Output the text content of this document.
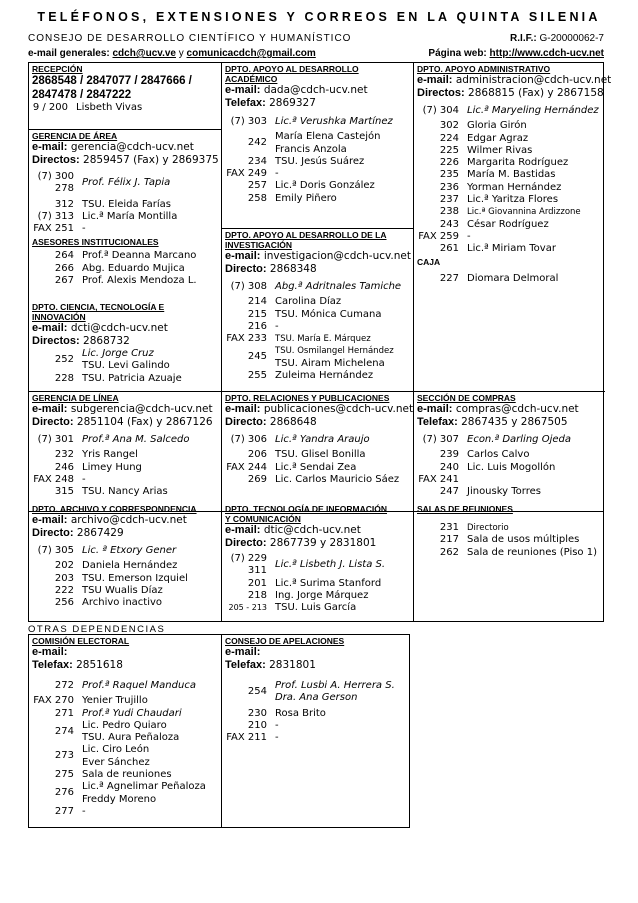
TELÉFONOS, EXTENSIONES Y CORREOS EN LA QUINTA SILENIA
CONSEJO DE DESARROLLO CIENTÍFICO Y HUMANÍSTICO	R.I.F.: G-20000062-7
e-mail generales: cdch@ucv.ve y comunicacdch@gmail.com	Página web: http://www.cdch-ucv.net
RECEPCIÓN
2868548 / 2847077 / 2847666 /
2847478 / 2847222
9 / 200 Lisbeth Vivas
GERENCIA DE ÁREA
e-mail: gerencia@cdch-ucv.net
Directos: 2859457 (Fax) y 2869375
(7) 300
Prof. Félix J. Tapia
278
312 TSU. Eleida Farías
(7) 313 Lic.ª María Montilla
FAX 251 -
ASESORES INSTITUCIONALES
264 Prof.ª Deanna Marcano
266 Abg. Eduardo Mujica
267 Prof. Alexis Mendoza L.
DPTO. CIENCIA, TECNOLOGÍA E
INNOVACIÓN
e-mail: dcti@cdch-ucv.net
Directos: 2868732
252
Lic. Jorge Cruz
TSU. Levi Galindo
228 TSU. Patricia Azuaje
GERENCIA DE LÍNEA
e-mail: subgerencia@cdch-ucv.net
Directo: 2851104 (Fax) y 2867126
(7) 301 Prof.ª Ana M. Salcedo
232 Yris Rangel
246 Limey Hung
FAX 248 -
315 TSU. Nancy Arias
DPTO. APOYO AL DESARROLLO
ACADÉMICO
e-mail: dada@cdch-ucv.net
Telefax: 2869327
(7) 303 Lic.ª Verushka Martínez
242
María Elena Castejón
Francis Anzola
234 TSU. Jesús Suárez
FAX 249 -
257 Lic.ª Doris González
258 Emily Piñero
DPTO. APOYO AL DESARROLLO DE LA
INVESTIGACIÓN
e-mail: investigacion@cdch-ucv.net
Directo: 2868348
(7) 308 Abg.ª Adritnales Tamiche
214 Carolina Díaz
215 TSU. Mónica Cumana
216 -
FAX 233 TSU. María E. Márquez
245 TSU. Osmilangel Hernández
TSU. Airam Michelena
255 Zuleima Hernández
DPTO. RELACIONES Y PUBLICACIONES
e-mail: publicaciones@cdch-ucv.net
Directo: 2868648
(7) 306 Lic.ª Yandra Araujo
206 TSU. Glisel Bonilla
FAX 244 Lic.ª Sendai Zea
269 Lic. Carlos Mauricio Sáez
DPTO. APOYO ADMINISTRATIVO
e-mail: administracion@cdch-ucv.net
Directos: 2868815 (Fax) y 2867158
(7) 304 Lic.ª Maryeling Hernández
302 Gloria Girón
224 Edgar Agraz
225 Wilmer Rivas
226 Margarita Rodríguez
235 María M. Bastidas
236 Yorman Hernández
237 Lic.ª Yaritza Flores
238 Lic.ª Giovannina Ardizzone
243 César Rodríguez
FAX 259 -
261 Lic.ª Miriam Tovar
CAJA
227 Diomara Delmoral
SECCIÓN DE COMPRAS
e-mail: compras@cdch-ucv.net
Telefax: 2867435 y 2867505
(7) 307 Econ.ª Darling Ojeda
239 Carlos Calvo
240 Lic. Luis Mogollón
FAX 241
247 Jinousky Torres
DPTO. ARCHIVO Y CORRESPONDENCIA
e-mail: archivo@cdch-ucv.net
Directo: 2867429
(7) 305 Lic. ª Etxory Gener
202 Daniela Hernández
203 TSU. Emerson Izquiel
222 TSU Wualis Díaz
256 Archivo inactivo
DPTO. TECNOLOGÍA DE INFORMACIÓN
Y COMUNICACIÓN
e-mail: dtic@cdch-ucv.net
Directo: 2867739 y 2831801
(7) 229
Lic.ª Lisbeth J. Lista S.
311
201 Lic.ª Surima Stanford
218 Ing. Jorge Márquez
205 - 213 TSU. Luis García
SALAS DE REUNIONES
231 Directorio
217 Sala de usos múltiples
262 Sala de reuniones (Piso 1)
OTRAS DEPENDENCIAS
COMISIÓN ELECTORAL
e-mail:
Telefax: 2851618
272 Prof.ª Raquel Manduca
FAX 270 Yenier Trujillo
271 Prof.ª Yudi Chaudari
274
Lic. Pedro Quiaro
TSU. Aura Peñaloza
273
Lic. Ciro León
Ever Sánchez
275 Sala de reuniones
276
Lic.ª Agnelimar Peñaloza
Freddy Moreno
277 -
CONSEJO DE APELACIONES
e-mail:
Telefax: 2831801
254
Prof. Lusbi A. Herrera S.
Dra. Ana Gerson
230 Rosa Brito
210 -
FAX 211 -
